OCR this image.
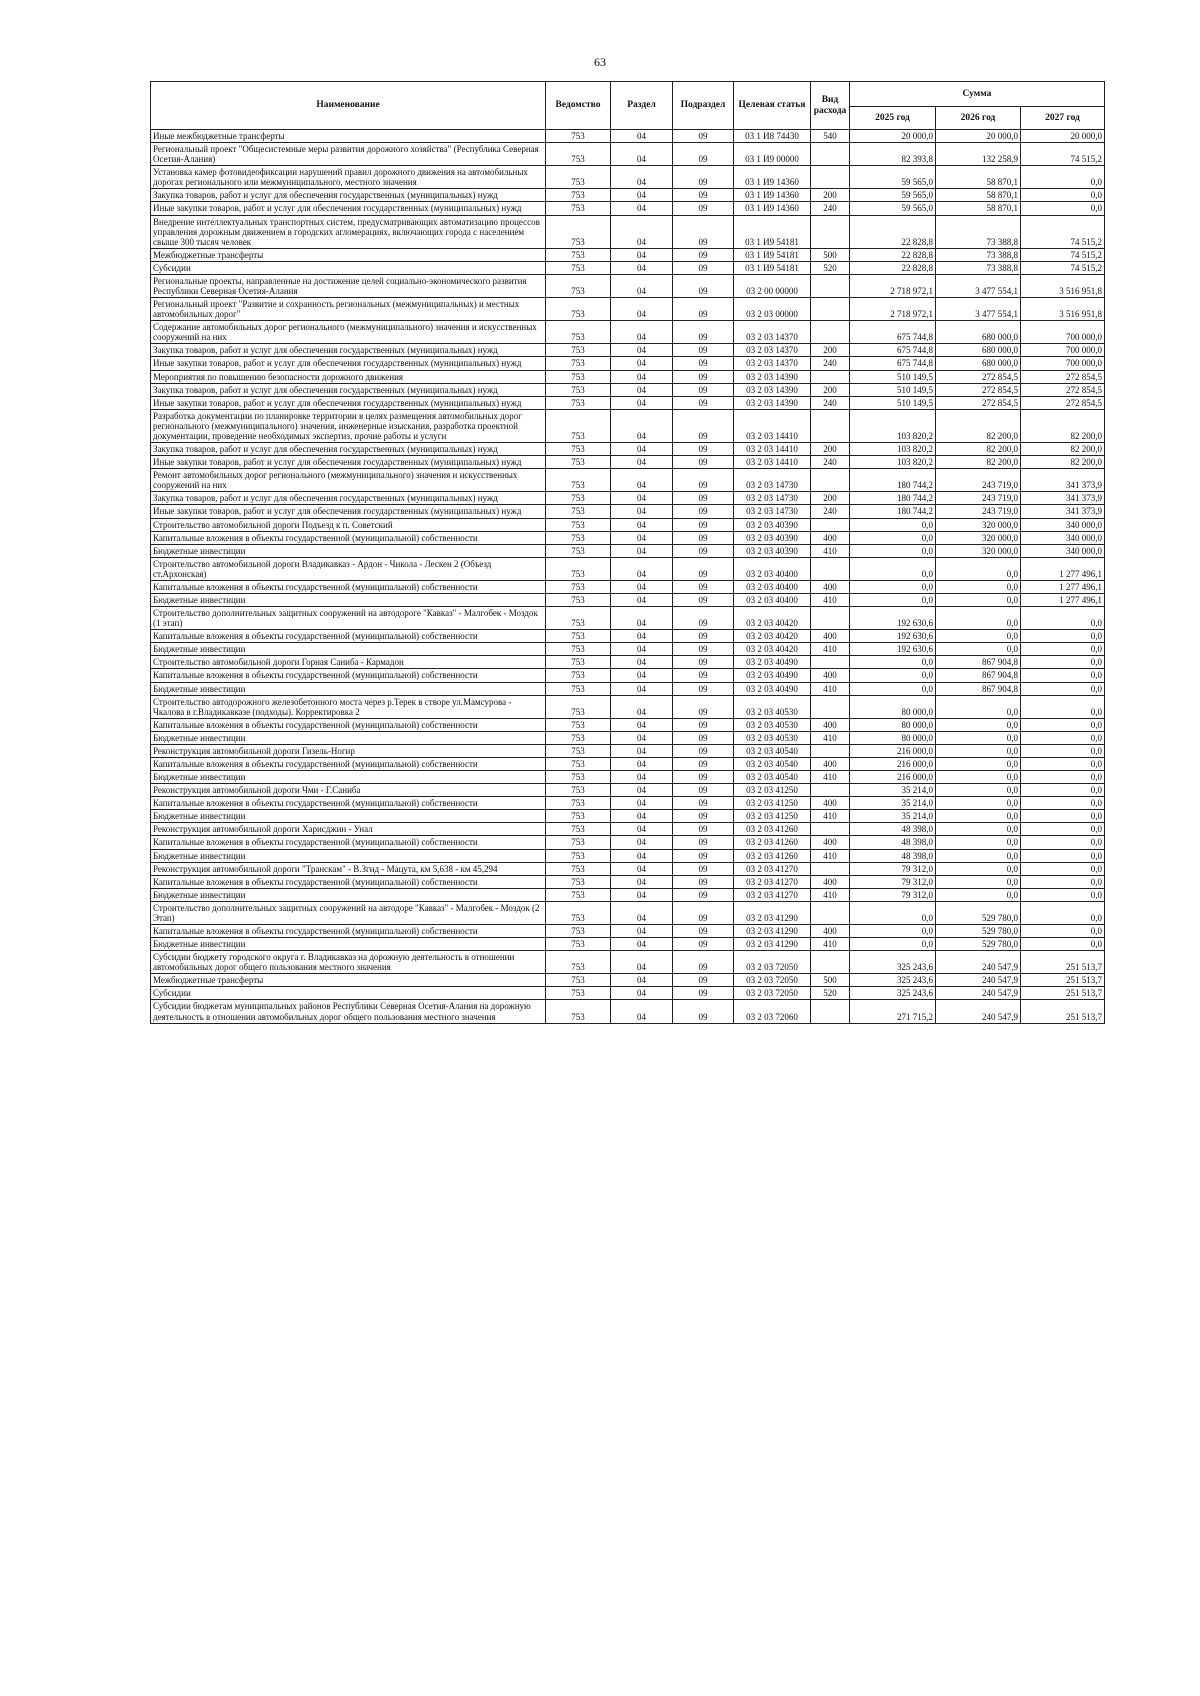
63
Наименование	Ведомство	Раздел	Подраздел	Целевая статья	Вид расхода	Сумма		
						2025 год	2026 год	2027 год
Иные межбюджетные трансферты	753	04	09	03 1 И8 74430	540	20 000,0	20 000,0	20 000,0
Региональный проект "Общесистемные меры развития дорожного хозяйства" (Республика Северная Осетия-Алания)	753	04	09	03 1 И9 00000		82 393,8	132 258,9	74 515,2
Установка камер фотовидеофиксации нарушений правил дорожного движения на автомобильных дорогах регионального или межмуниципального, местного значения	753	04	09	03 1 И9 14360		59 565,0	58 870,1	0,0
Закупка товаров, работ и услуг для обеспечения государственных (муниципальных) нужд	753	04	09	03 1 И9 14360	200	59 565,0	58 870,1	0,0
Иные закупки товаров, работ и услуг для обеспечения государственных (муниципальных) нужд	753	04	09	03 1 И9 14360	240	59 565,0	58 870,1	0,0
Внедрение интеллектуальных транспортных систем, предусматривающих автоматизацию процессов управления дорожным движением в городских агломерациях, включающих города с населением свыше 300 тысяч человек	753	04	09	03 1 И9 54181		22 828,8	73 388,8	74 515,2
Межбюджетные трансферты	753	04	09	03 1 И9 54181	500	22 828,8	73 388,8	74 515,2
Субсидии	753	04	09	03 1 И9 54181	520	22 828,8	73 388,8	74 515,2
Региональные проекты, направленные на достижение целей социально-экономического развития Республики Северная Осетия-Алания	753	04	09	03 2 00 00000		2 718 972,1	3 477 554,1	3 516 951,8
Региональный проект "Развитие и сохранность региональных (межмуниципальных) и местных автомобильных дорог"	753	04	09	03 2 03 00000		2 718 972,1	3 477 554,1	3 516 951,8
Содержание автомобильных дорог регионального (межмуниципального) значения и искусственных сооружений на них	753	04	09	03 2 03 14370		675 744,8	680 000,0	700 000,0
Закупка товаров, работ и услуг для обеспечения государственных (муниципальных) нужд	753	04	09	03 2 03 14370	200	675 744,8	680 000,0	700 000,0
Иные закупки товаров, работ и услуг для обеспечения государственных (муниципальных) нужд	753	04	09	03 2 03 14370	240	675 744,8	680 000,0	700 000,0
Мероприятия по повышению безопасности дорожного движения	753	04	09	03 2 03 14390		510 149,5	272 854,5	272 854,5
Закупка товаров, работ и услуг для обеспечения государственных (муниципальных) нужд	753	04	09	03 2 03 14390	200	510 149,5	272 854,5	272 854,5
Иные закупки товаров, работ и услуг для обеспечения государственных (муниципальных) нужд	753	04	09	03 2 03 14390	240	510 149,5	272 854,5	272 854,5
Разработка документации по планировке территории в целях размещения автомобильных дорог регионального (межмуниципального) значения, инженерные изыскания, разработка проектной документации, проведение необходимых экспертиз, прочие работы и услуги	753	04	09	03 2 03 14410		103 820,2	82 200,0	82 200,0
Закупка товаров, работ и услуг для обеспечения государственных (муниципальных) нужд	753	04	09	03 2 03 14410	200	103 820,2	82 200,0	82 200,0
Иные закупки товаров, работ и услуг для обеспечения государственных (муниципальных) нужд	753	04	09	03 2 03 14410	240	103 820,2	82 200,0	82 200,0
Ремонт автомобильных дорог регионального (межмуниципального) значения и искусственных сооружений на них	753	04	09	03 2 03 14730		180 744,2	243 719,0	341 373,9
Закупка товаров, работ и услуг для обеспечения государственных (муниципальных) нужд	753	04	09	03 2 03 14730	200	180 744,2	243 719,0	341 373,9
Иные закупки товаров, работ и услуг для обеспечения государственных (муниципальных) нужд	753	04	09	03 2 03 14730	240	180 744,2	243 719,0	341 373,9
Строительство автомобильной дороги Подъезд к п. Советский	753	04	09	03 2 03 40390		0,0	320 000,0	340 000,0
Капитальные вложения в объекты государственной (муниципальной) собственности	753	04	09	03 2 03 40390	400	0,0	320 000,0	340 000,0
Бюджетные инвестиции	753	04	09	03 2 03 40390	410	0,0	320 000,0	340 000,0
Строительство автомобильной дороги Владикавказ - Ардон - Чикола - Лескен 2 (Объезд ст.Архонская)	753	04	09	03 2 03 40400		0,0	0,0	1 277 496,1
Капитальные вложения в объекты государственной (муниципальной) собственности	753	04	09	03 2 03 40400	400	0,0	0,0	1 277 496,1
Бюджетные инвестиции	753	04	09	03 2 03 40400	410	0,0	0,0	1 277 496,1
Строительство дополнительных защитных сооружений на автодороге "Кавказ" - Малгобек - Моздок (1 этап)	753	04	09	03 2 03 40420		192 630,6	0,0	0,0
Капитальные вложения в объекты государственной (муниципальной) собственности	753	04	09	03 2 03 40420	400	192 630,6	0,0	0,0
Бюджетные инвестиции	753	04	09	03 2 03 40420	410	192 630,6	0,0	0,0
Строительство автомобильной дороги Горная Саниба - Кармадон	753	04	09	03 2 03 40490		0,0	867 904,8	0,0
Капитальные вложения в объекты государственной (муниципальной) собственности	753	04	09	03 2 03 40490	400	0,0	867 904,8	0,0
Бюджетные инвестиции	753	04	09	03 2 03 40490	410	0,0	867 904,8	0,0
Строительство автодорожного железобетонного моста через р.Терек в створе ул.Мамсурова - Чкалова в г.Владикавказе (подходы). Корректировка 2	753	04	09	03 2 03 40530		80 000,0	0,0	0,0
Капитальные вложения в объекты государственной (муниципальной) собственности	753	04	09	03 2 03 40530	400	80 000,0	0,0	0,0
Бюджетные инвестиции	753	04	09	03 2 03 40530	410	80 000,0	0,0	0,0
Реконструкция автомобильной дороги Гизель-Ногир	753	04	09	03 2 03 40540		216 000,0	0,0	0,0
Капитальные вложения в объекты государственной (муниципальной) собственности	753	04	09	03 2 03 40540	400	216 000,0	0,0	0,0
Бюджетные инвестиции	753	04	09	03 2 03 40540	410	216 000,0	0,0	0,0
Реконструкция автомобильной дороги Чми - Г.Саниба	753	04	09	03 2 03 41250		35 214,0	0,0	0,0
Капитальные вложения в объекты государственной (муниципальной) собственности	753	04	09	03 2 03 41250	400	35 214,0	0,0	0,0
Бюджетные инвестиции	753	04	09	03 2 03 41250	410	35 214,0	0,0	0,0
Реконструкция автомобильной дороги Харисджин - Унал	753	04	09	03 2 03 41260		48 398,0	0,0	0,0
Капитальные вложения в объекты государственной (муниципальной) собственности	753	04	09	03 2 03 41260	400	48 398,0	0,0	0,0
Бюджетные инвестиции	753	04	09	03 2 03 41260	410	48 398,0	0,0	0,0
Реконструкция автомобильной дороги "Транскам" - В.Згид - Мацута, км 5,638 - км 45,294	753	04	09	03 2 03 41270		79 312,0	0,0	0,0
Капитальные вложения в объекты государственной (муниципальной) собственности	753	04	09	03 2 03 41270	400	79 312,0	0,0	0,0
Бюджетные инвестиции	753	04	09	03 2 03 41270	410	79 312,0	0,0	0,0
Строительство дополнительных защитных сооружений на автодоре "Кавказ" - Малгобек - Моздок (2 Этап)	753	04	09	03 2 03 41290		0,0	529 780,0	0,0
Капитальные вложения в объекты государственной (муниципальной) собственности	753	04	09	03 2 03 41290	400	0,0	529 780,0	0,0
Бюджетные инвестиции	753	04	09	03 2 03 41290	410	0,0	529 780,0	0,0
Субсидии бюджету городского округа г. Владикавказ на дорожную деятельность в отношении автомобильных дорог общего пользования местного значения	753	04	09	03 2 03 72050		325 243,6	240 547,9	251 513,7
Межбюджетные трансферты	753	04	09	03 2 03 72050	500	325 243,6	240 547,9	251 513,7
Субсидии	753	04	09	03 2 03 72050	520	325 243,6	240 547,9	251 513,7
Субсидии бюджетам муниципальных районов Республики Северная Осетия-Алания на дорожную деятельность в отношении автомобильных дорог общего пользования местного значения	753	04	09	03 2 03 72060		271 715,2	240 547,9	251 513,7
